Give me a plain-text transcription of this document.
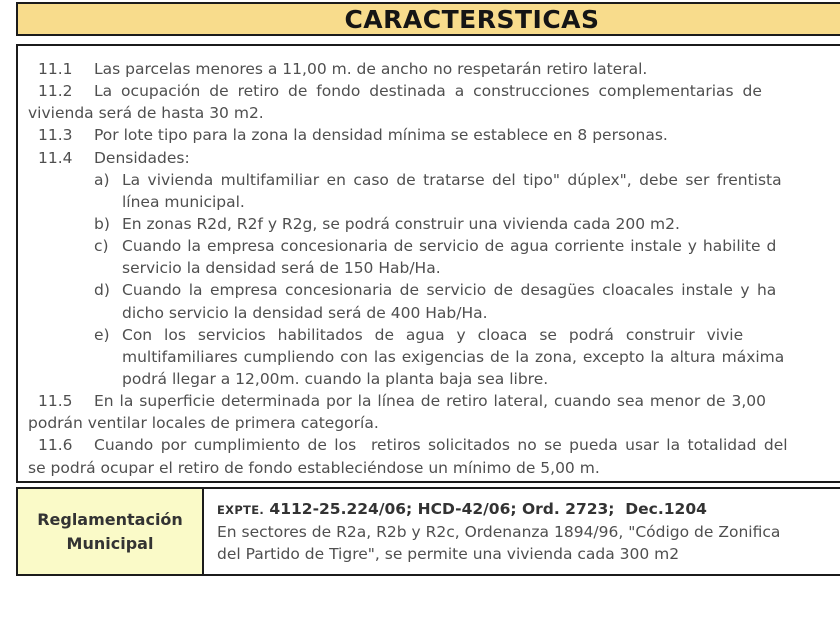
CARACTERSTICAS
11.1 Las parcelas menores a 11,00 m. de ancho no respetarán retiro lateral.
11.2 La ocupación de retiro de fondo destinada a construcciones complementarias de
vivienda será de hasta 30 m2.
11.3 Por lote tipo para la zona la densidad mínima se establece en 8 personas.
11.4 Densidades:
a) La vivienda multifamiliar en caso de tratarse del tipo" dúplex", debe ser frentista
línea municipal.
b) En zonas R2d, R2f y R2g, se podrá construir una vivienda cada 200 m2.
c) Cuando la empresa concesionaria de servicio de agua corriente instale y habilite d
servicio la densidad será de 150 Hab/Ha.
d) Cuando la empresa concesionaria de servicio de desagües cloacales instale y ha
dicho servicio la densidad será de 400 Hab/Ha.
e) Con los servicios habilitados de agua y cloaca se podrá construir vivie
multifamiliares cumpliendo con las exigencias de la zona, excepto la altura máxima
podrá llegar a 12,00m. cuando la planta baja sea libre.
11.5 En la superficie determinada por la línea de retiro lateral, cuando sea menor de 3,00
podrán ventilar locales de primera categoría.
11.6 Cuando por cumplimiento de los  retiros solicitados no se pueda usar la totalidad del
se podrá ocupar el retiro de fondo estableciéndose un mínimo de 5,00 m.
Reglamentación
Municipal
EXPTE. 4112-25.224/06; HCD-42/06; Ord. 2723;  Dec.1204
En sectores de R2a, R2b y R2c, Ordenanza 1894/96, "Código de Zonifica
del Partido de Tigre", se permite una vivienda cada 300 m2
